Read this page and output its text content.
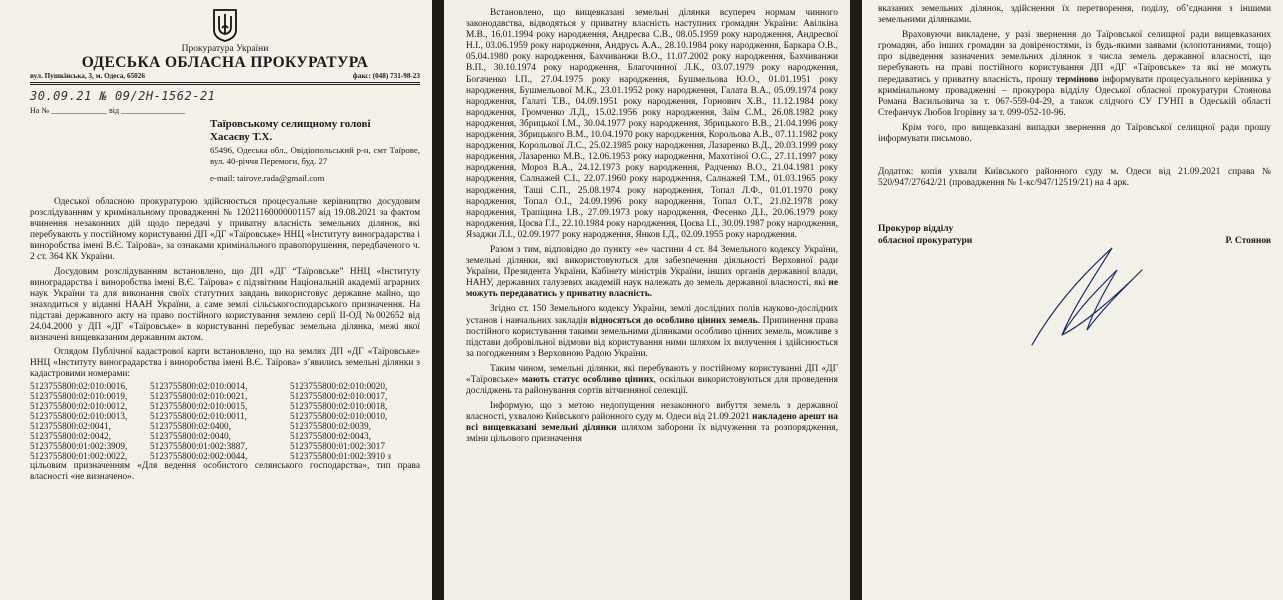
Прокуратура України
ОДЕСЬКА ОБЛАСНА ПРОКУРАТУРА
вул. Пушкінська, 3, м. Одеса, 65026	факс: (048) 731-98-23
30.09.21 № 09/2Н-1562-21
На № ______________ від ________________
Таїровському селищному голові
Хасаєву Т.Х.
65496, Одеська обл., Овідіопольський р-н, смт Таїрове, вул. 40-річчя Перемоги, буд. 27
e-mail: tairove.rada@gmail.com

Одеської обласною прокуратурою здійснюється процесуальне керівництво досудовим розслідуванням у кримінальному провадженні № 12021160000001157 від 19.08.2021 за фактом вчинення незаконних дій щодо передачі у приватну власність земельних ділянок, які перебувають у постійному користуванні ДП «ДГ «Таїровське» ННЦ «Інституту виноградарства і виноробства імені В.Є. Таїрова», за ознаками кримінального правопорушення, передбаченого ч. 2 ст. 364 КК України.

Досудовим розслідуванням встановлено, що ДП «ДГ “Таїровське” ННЦ «Інституту виноградарства і виноробства імені В.Є. Таїрова» є підзвітним Національній академії аграрних наук України та для виконання своїх статутних завдань використовує державне майно, що знаходиться у віданні НААН України, а саме землі сільськогосподарського призначення. На підставі державного акту на право постійного користування землею серії ІІ-ОД №002652 від 24.04.2000 у ДП «ДГ «Таїровське» в користуванні перебуває земельна ділянка, межі якої визначені вищевказаним державним актом.

Оглядом Публічної кадастрової карти встановлено, що на землях ДП «ДГ «Таїровське» ННЦ «Інституту виноградарства і виноробства імені В.Є. Таїрова» з’явились земельні ділянки з кадастровими номерами:

5123755800:02:010:0016,	5123755800:02:010:0014,	5123755800:02:010:0020,
5123755800:02:010:0019,	5123755800:02:010:0021,	5123755800:02:010:0017,
5123755800:02:010:0012,	5123755800:02:010:0015,	5123755800:02:010:0018,
5123755800:02:010:0013,	5123755800:02:010:0011,	5123755800:02:010:0010,
5123755800:02:0041,	5123755800:02:0400,	5123755800:02:0039,
5123755800:02:0042,	5123755800:02:0040,	5123755800:02:0043,
5123755800:01:002:3909,	5123755800:01:002:3887,	5123755800:01:002:3017
5123755800:01:002:0022,	5123755800:02:002:0044,	5123755800:01:002:3910 з

цільовим призначенням «Для ведення особистого селянського господарства», тип права власності «не визначено».

Встановлено, що вищевказані земельні ділянки всупереч нормам чинного законодавства, відводяться у приватну власність наступних громадян України: Авілкіна М.В., 16.01.1994 року народження, Андреєва С.В., 08.05.1959 року народження, Андреєвої Н.І., 03.06.1959 року народження, Андрусь А.А., 28.10.1984 року народження, Баркара О.В., 05.04.1980 року народження, Бахчиванжи В.О., 11.07.2002 року народження, Бахчиванжи В.П., 30.10.1974 року народження, Благочинної Л.К., 03.07.1979 року народження, Богаченко І.П., 27.04.1975 року народження, Бушмельова Ю.О., 01.01.1951 року народження, Бушмельової М.К., 23.01.1952 року народження, Галата В.А., 05.09.1974 року народження, Галаті Т.В., 04.09.1951 року народження, Горнович Х.В., 11.12.1984 року народження, Громченко Л.Д., 15.02.1956 року народження, Заїм С.М., 26.08.1982 року народження, Збрицької І.М., 30.04.1977 року народження, Збрицького В.В., 21.04.1996 року народження, Збрицького В.М., 10.04.1970 року народження, Корольова А.В., 07.11.1982 року народження, Корольової Л.С., 25.02.1985 року народження, Лазаренко В.Д., 20.03.1999 року народження, Лазаренко М.В., 12.06.1953 року народження, Махотіної О.С., 27.11.1997 року народження, Мороз В.А., 24.12.1973 року народження, Радченко В.О., 21.04.1981 року народження, Салнажей С.І., 22.07.1960 року народження, Салнажей Т.М., 01.03.1965 року народження, Таші С.П., 25.08.1974 року народження, Топал Л.Ф., 01.01.1970 року народження, Топал О.І., 24.09.1996 року народження, Топал О.Т., 21.02.1978 року народження, Трапіцина І.В., 27.09.1973 року народження, Фесенко Д.І., 20.06.1979 року народження, Цоєва Г.І., 22.10.1984 року народження, Цоєва І.І., 30.09.1987 року народження, Язаджи Л.І., 02.09.1977 року народження, Янков І.Д., 02.09.1955 року народження.

Разом з тим, відповідно до пункту «е» частини 4 ст. 84 Земельного кодексу України, земельні ділянки, які використовуються для забезпечення діяльності Верховної ради України, Президента України, Кабінету міністрів України, інших органів державної влади, НАНУ, державних галузевих академій наук належать до земель державної власності, які не можуть передаватись у приватну власність.

Згідно ст. 150 Земельного кодексу України, землі дослідних полів науково-дослідних установ і навчальних закладів відносяться до особливо цінних земель. Припинення права постійного користування такими земельними ділянками особливо цінних земель, можливе з підстави добровільної відмови від користування ними шляхом їх вилучення і здійснюється за погодженням з Верховною Радою України.

Таким чином, земельні ділянки, які перебувають у постійному користуванні ДП «ДГ «Таїровське» мають статус особливо цінних, оскільки використовуються для проведення досліджень та районування сортів вітчизняної селекції.

Інформую, що з метою недопущення незаконного вибуття земель з державної власності, ухвалою Київського районного суду м. Одеси від 21.09.2021 накладено арешт на всі вищевказані земельні ділянки шляхом заборони їх відчуження та розпорядження, зміни цільового призначення

вказаних земельних ділянок, здійснення їх перетворення, поділу, об’єднання з іншими земельними ділянками.

Враховуючи викладене, у разі звернення до Таїровської селищної ради вищевказаних громадян, або інших громадян за довіреностями, із будь-якими заявами (клопотаннями, тощо) про відведення зазначених земельних ділянок з числа земель державної власності, що перебувають на праві постійного користування ДП «ДГ «Таїровське» та які не можуть передаватись у приватну власність, прошу терміново інформувати процесуального керівника у кримінальному провадженні – прокурора відділу Одеської обласної прокуратури Стоянова Романа Васильовича за т. 067-559-04-29, а також слідчого СУ ГУНП в Одеській області Стефанчук Любов Ігорівну за т. 099-052-10-96.

Крім того, про вищевказані випадки звернення до Таїровської селищної ради прошу інформувати письмово.

Додаток: копія ухвали Київського районного суду м. Одеси від 21.09.2021 справа № 520/947/27642/21 (провадження № 1-кс/947/12519/21) на 4 арк.

Прокурор відділу
обласної прокуратури	Р. Стоянов
